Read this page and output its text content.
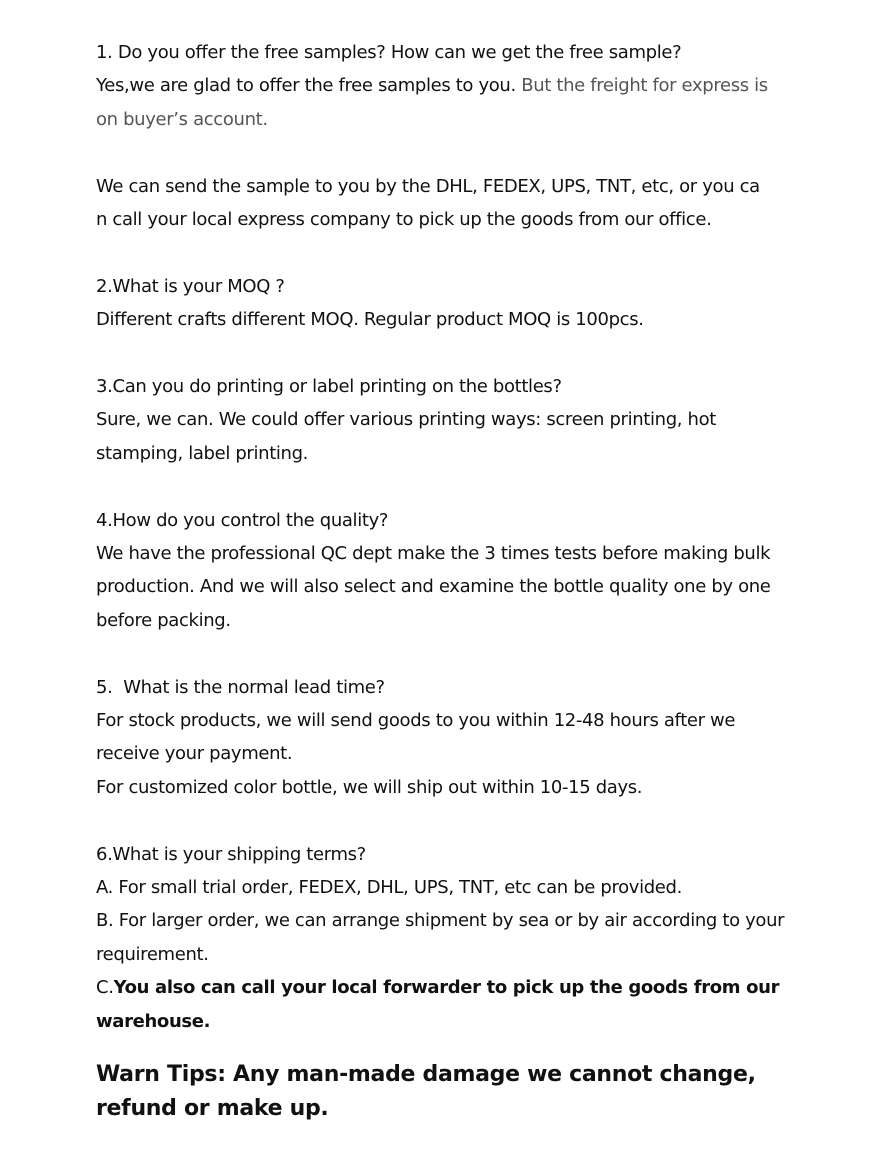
1. Do you offer the free samples? How can we get the free sample?
Yes,we are glad to offer the free samples to you. But the freight for express is
on buyer’s account.
We can send the sample to you by the DHL, FEDEX, UPS, TNT, etc, or you ca
n call your local express company to pick up the goods from our office.
2.What is your MOQ ?
Different crafts different MOQ. Regular product MOQ is 100pcs.
3.Can you do printing or label printing on the bottles?
Sure, we can. We could offer various printing ways: screen printing, hot
stamping, label printing.
4.How do you control the quality?
We have the professional QC dept make the 3 times tests before making bulk
production. And we will also select and examine the bottle quality one by one
before packing.
5.  What is the normal lead time?
For stock products, we will send goods to you within 12-48 hours after we
receive your payment.
For customized color bottle, we will ship out within 10-15 days.
6.What is your shipping terms?
A. For small trial order, FEDEX, DHL, UPS, TNT, etc can be provided.
B. For larger order, we can arrange shipment by sea or by air according to your
requirement.
C.You also can call your local forwarder to pick up the goods from our
warehouse.
Warn Tips: Any man-made damage we cannot change,
refund or make up.
